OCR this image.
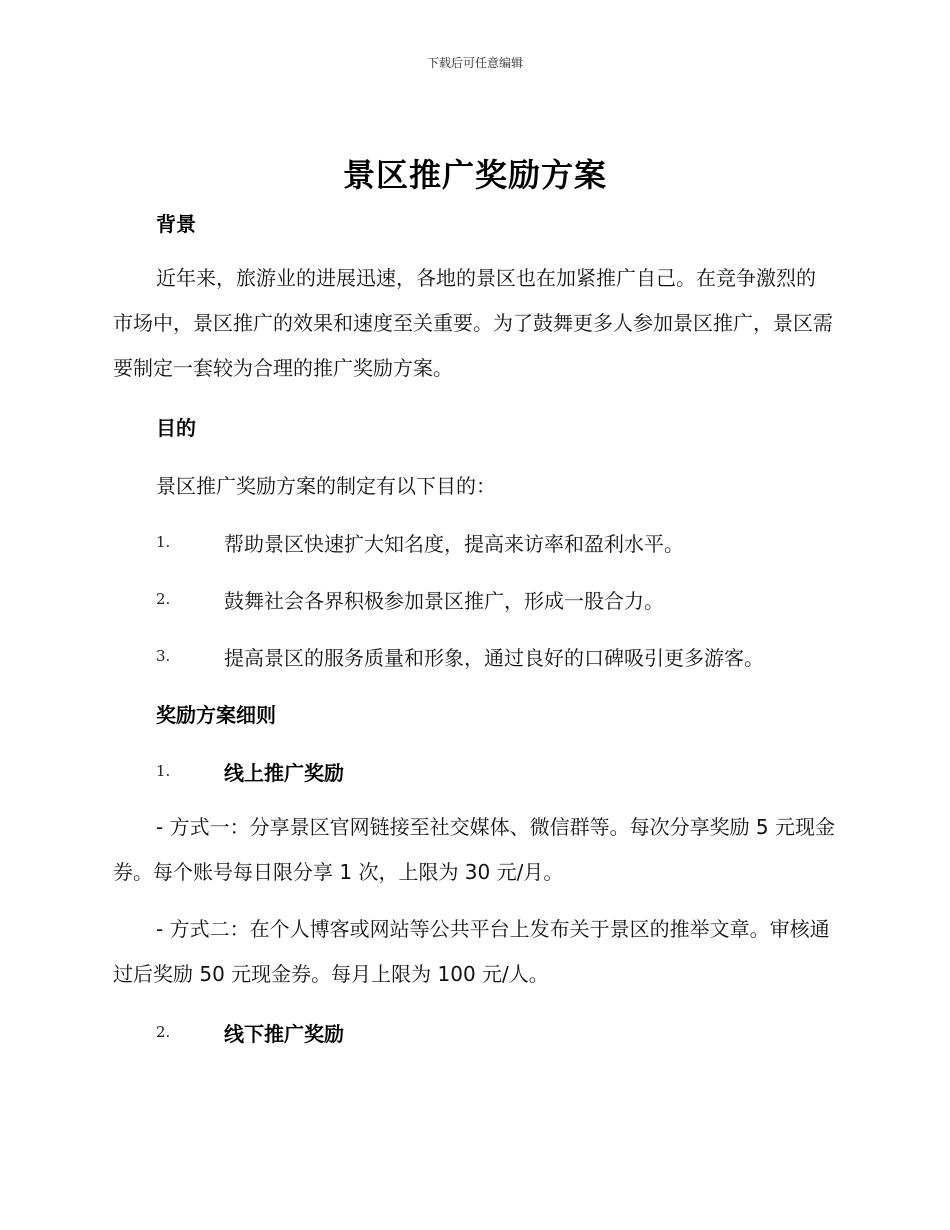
下载后可任意编辑
景区推广奖励方案
背景
近年来，旅游业的进展迅速，各地的景区也在加紧推广自己。在竞争激烈的市场中，景区推广的效果和速度至关重要。为了鼓舞更多人参加景区推广，景区需要制定一套较为合理的推广奖励方案。
目的
景区推广奖励方案的制定有以下目的：
1.	帮助景区快速扩大知名度，提高来访率和盈利水平。
2.	鼓舞社会各界积极参加景区推广，形成一股合力。
3.	提高景区的服务质量和形象，通过良好的口碑吸引更多游客。
奖励方案细则
1.	线上推广奖励
- 方式一：分享景区官网链接至社交媒体、微信群等。每次分享奖励 5 元现金券。每个账号每日限分享 1 次，上限为 30 元/月。
- 方式二：在个人博客或网站等公共平台上发布关于景区的推举文章。审核通过后奖励 50 元现金券。每月上限为 100 元/人。
2.	线下推广奖励
